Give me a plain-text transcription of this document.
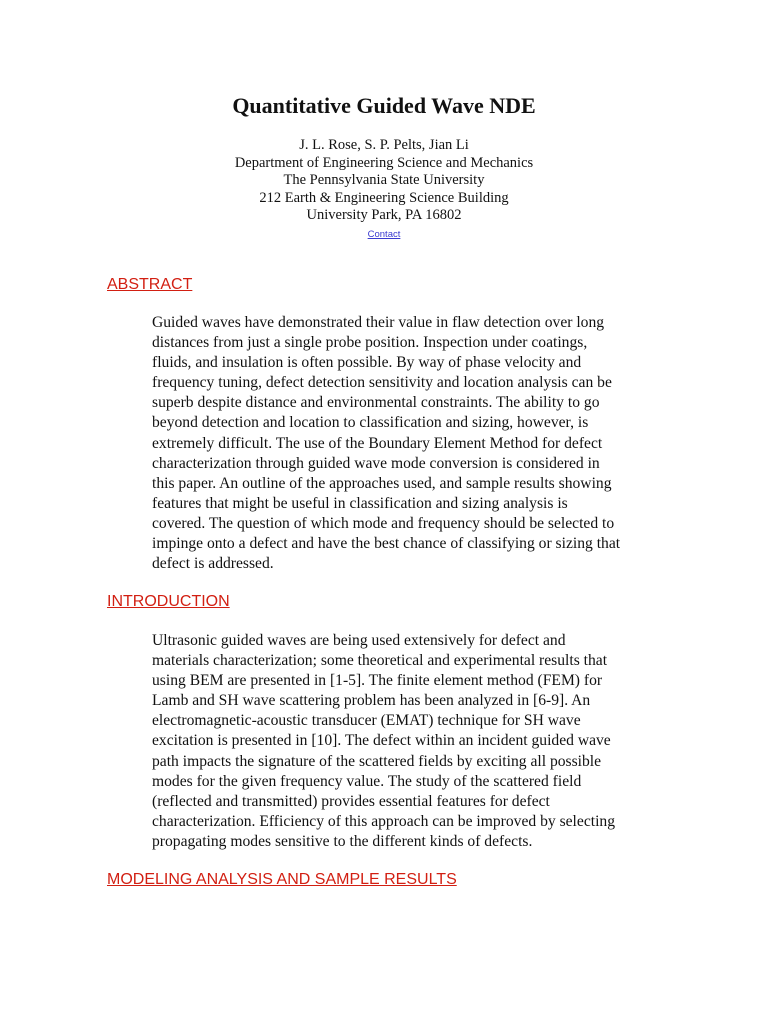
Quantitative Guided Wave NDE
J. L. Rose, S. P. Pelts, Jian Li
Department of Engineering Science and Mechanics
The Pennsylvania State University
212 Earth & Engineering Science Building
University Park, PA 16802
Contact
ABSTRACT
Guided waves have demonstrated their value in flaw detection over long
distances from just a single probe position. Inspection under coatings,
fluids, and insulation is often possible. By way of phase velocity and
frequency tuning, defect detection sensitivity and location analysis can be
superb despite distance and environmental constraints. The ability to go
beyond detection and location to classification and sizing, however, is
extremely difficult. The use of the Boundary Element Method for defect
characterization through guided wave mode conversion is considered in
this paper. An outline of the approaches used, and sample results showing
features that might be useful in classification and sizing analysis is
covered. The question of which mode and frequency should be selected to
impinge onto a defect and have the best chance of classifying or sizing that
defect is addressed.
INTRODUCTION
Ultrasonic guided waves are being used extensively for defect and
materials characterization; some theoretical and experimental results that
using BEM are presented in [1-5]. The finite element method (FEM) for
Lamb and SH wave scattering problem has been analyzed in [6-9]. An
electromagnetic-acoustic transducer (EMAT) technique for SH wave
excitation is presented in [10]. The defect within an incident guided wave
path impacts the signature of the scattered fields by exciting all possible
modes for the given frequency value. The study of the scattered field
(reflected and transmitted) provides essential features for defect
characterization. Efficiency of this approach can be improved by selecting
propagating modes sensitive to the different kinds of defects.
MODELING ANALYSIS AND SAMPLE RESULTS
